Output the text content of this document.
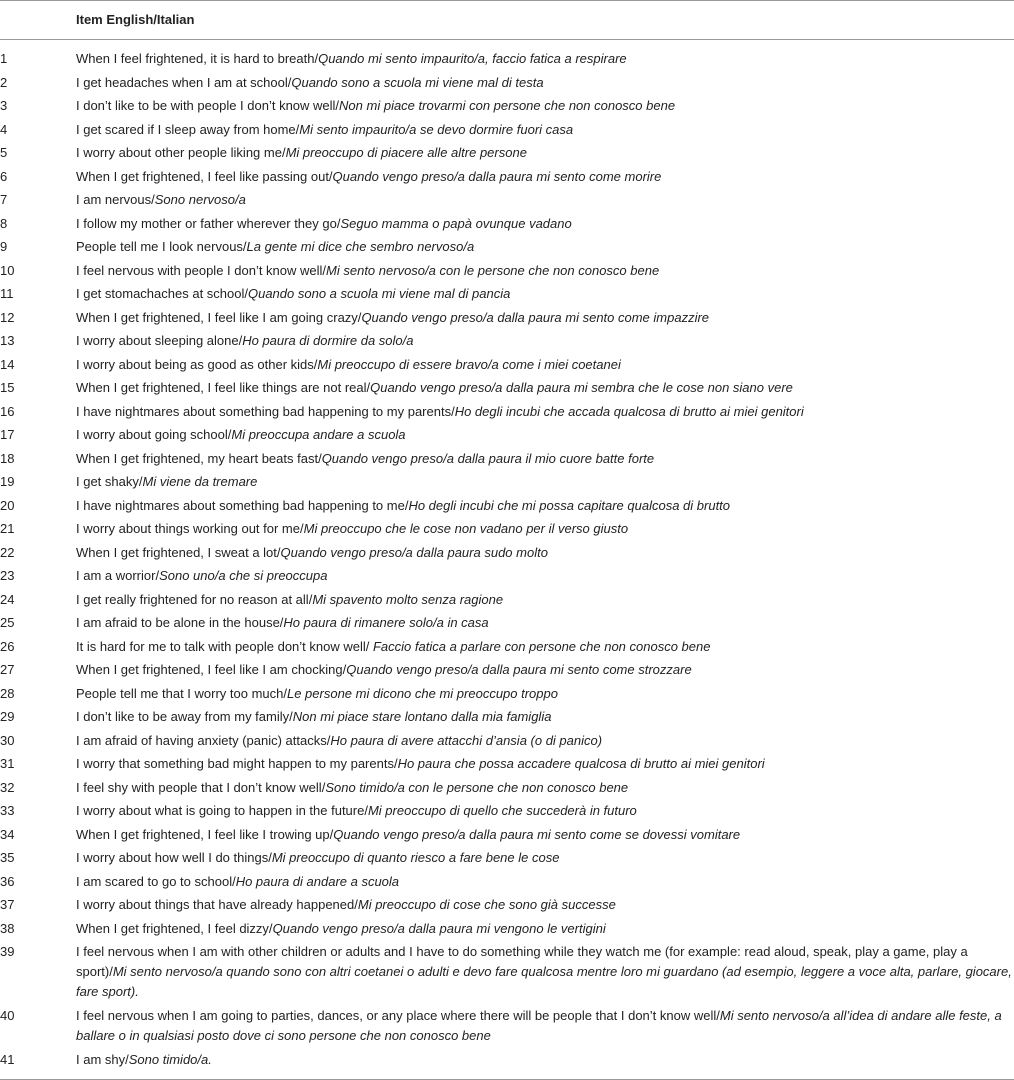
	Item English/Italian
1	When I feel frightened, it is hard to breath/Quando mi sento impaurito/a, faccio fatica a respirare
2	I get headaches when I am at school/Quando sono a scuola mi viene mal di testa
3	I don’t like to be with people I don’t know well/Non mi piace trovarmi con persone che non conosco bene
4	I get scared if I sleep away from home/Mi sento impaurito/a se devo dormire fuori casa
5	I worry about other people liking me/Mi preoccupo di piacere alle altre persone
6	When I get frightened, I feel like passing out/Quando vengo preso/a dalla paura mi sento come morire
7	I am nervous/Sono nervoso/a
8	I follow my mother or father wherever they go/Seguo mamma o papà ovunque vadano
9	People tell me I look nervous/La gente mi dice che sembro nervoso/a
10	I feel nervous with people I don’t know well/Mi sento nervoso/a con le persone che non conosco bene
11	I get stomachaches at school/Quando sono a scuola mi viene mal di pancia
12	When I get frightened, I feel like I am going crazy/Quando vengo preso/a dalla paura mi sento come impazzire
13	I worry about sleeping alone/Ho paura di dormire da solo/a
14	I worry about being as good as other kids/Mi preoccupo di essere bravo/a come i miei coetanei
15	When I get frightened, I feel like things are not real/Quando vengo preso/a dalla paura mi sembra che le cose non siano vere
16	I have nightmares about something bad happening to my parents/Ho degli incubi che accada qualcosa di brutto ai miei genitori
17	I worry about going school/Mi preoccupa andare a scuola
18	When I get frightened, my heart beats fast/Quando vengo preso/a dalla paura il mio cuore batte forte
19	I get shaky/Mi viene da tremare
20	I have nightmares about something bad happening to me/Ho degli incubi che mi possa capitare qualcosa di brutto
21	I worry about things working out for me/Mi preoccupo che le cose non vadano per il verso giusto
22	When I get frightened, I sweat a lot/Quando vengo preso/a dalla paura sudo molto
23	I am a worrior/Sono uno/a che si preoccupa
24	I get really frightened for no reason at all/Mi spavento molto senza ragione
25	I am afraid to be alone in the house/Ho paura di rimanere solo/a in casa
26	It is hard for me to talk with people don’t know well/ Faccio fatica a parlare con persone che non conosco bene
27	When I get frightened, I feel like I am chocking/Quando vengo preso/a dalla paura mi sento come strozzare
28	People tell me that I worry too much/Le persone mi dicono che mi preoccupo troppo
29	I don’t like to be away from my family/Non mi piace stare lontano dalla mia famiglia
30	I am afraid of having anxiety (panic) attacks/Ho paura di avere attacchi d’ansia (o di panico)
31	I worry that something bad might happen to my parents/Ho paura che possa accadere qualcosa di brutto ai miei genitori
32	I feel shy with people that I don’t know well/Sono timido/a con le persone che non conosco bene
33	I worry about what is going to happen in the future/Mi preoccupo di quello che succederà in futuro
34	When I get frightened, I feel like I trowing up/Quando vengo preso/a dalla paura mi sento come se dovessi vomitare
35	I worry about how well I do things/Mi preoccupo di quanto riesco a fare bene le cose
36	I am scared to go to school/Ho paura di andare a scuola
37	I worry about things that have already happened/Mi preoccupo di cose che sono già successe
38	When I get frightened, I feel dizzy/Quando vengo preso/a dalla paura mi vengono le vertigini
39	I feel nervous when I am with other children or adults and I have to do something while they watch me (for example: read aloud, speak, play a game, play a sport)/Mi sento nervoso/a quando sono con altri coetanei o adulti e devo fare qualcosa mentre loro mi guardano (ad esempio, leggere a voce alta, parlare, giocare, fare sport).
40	I feel nervous when I am going to parties, dances, or any place where there will be people that I don’t know well/Mi sento nervoso/a all’idea di andare alle feste, a ballare o in qualsiasi posto dove ci sono persone che non conosco bene
41	I am shy/Sono timido/a.
